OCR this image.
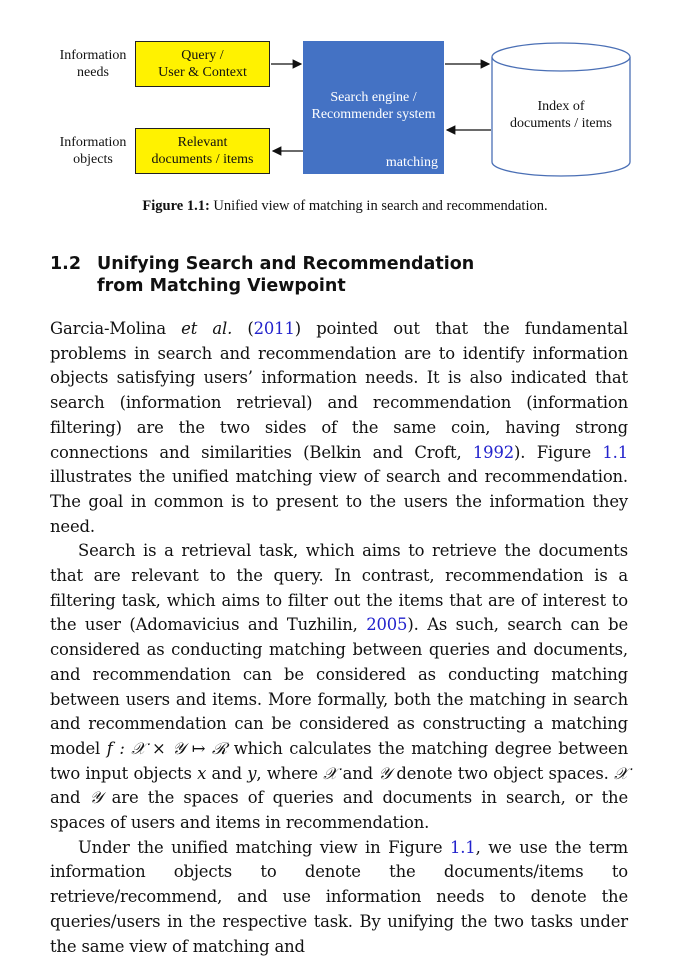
Information
needs
Information
objects
Query /
User & Context
Relevant
documents / items
Search engine /
Recommender system
matching
Index of
documents / items
Figure 1.1: Unified view of matching in search and recommendation.
1.2 Unifying Search and Recommendation from Matching Viewpoint

Garcia-Molina et al. (2011) pointed out that the fundamental problems in search and recommendation are to identify information objects satisfying users’ information needs. It is also indicated that search (information retrieval) and recommendation (information filtering) are the two sides of the same coin, having strong connections and similarities (Belkin and Croft, 1992). Figure 1.1 illustrates the unified matching view of search and recommendation. The goal in common is to present to the users the information they need.

Search is a retrieval task, which aims to retrieve the documents that are relevant to the query. In contrast, recommendation is a filtering task, which aims to filter out the items that are of interest to the user (Adomavicius and Tuzhilin, 2005). As such, search can be considered as conducting matching between queries and documents, and recommendation can be considered as conducting matching between users and items. More formally, both the matching in search and recommendation can be considered as constructing a matching model f : 𝒳 × 𝒴 ↦ ℛ which calculates the matching degree between two input objects x and y, where 𝒳 and 𝒴 denote two object spaces. 𝒳 and 𝒴 are the spaces of queries and documents in search, or the spaces of users and items in recommendation.

Under the unified matching view in Figure 1.1, we use the term information objects to denote the documents/items to retrieve/recommend, and use information needs to denote the queries/users in the respective task. By unifying the two tasks under the same view of matching and
